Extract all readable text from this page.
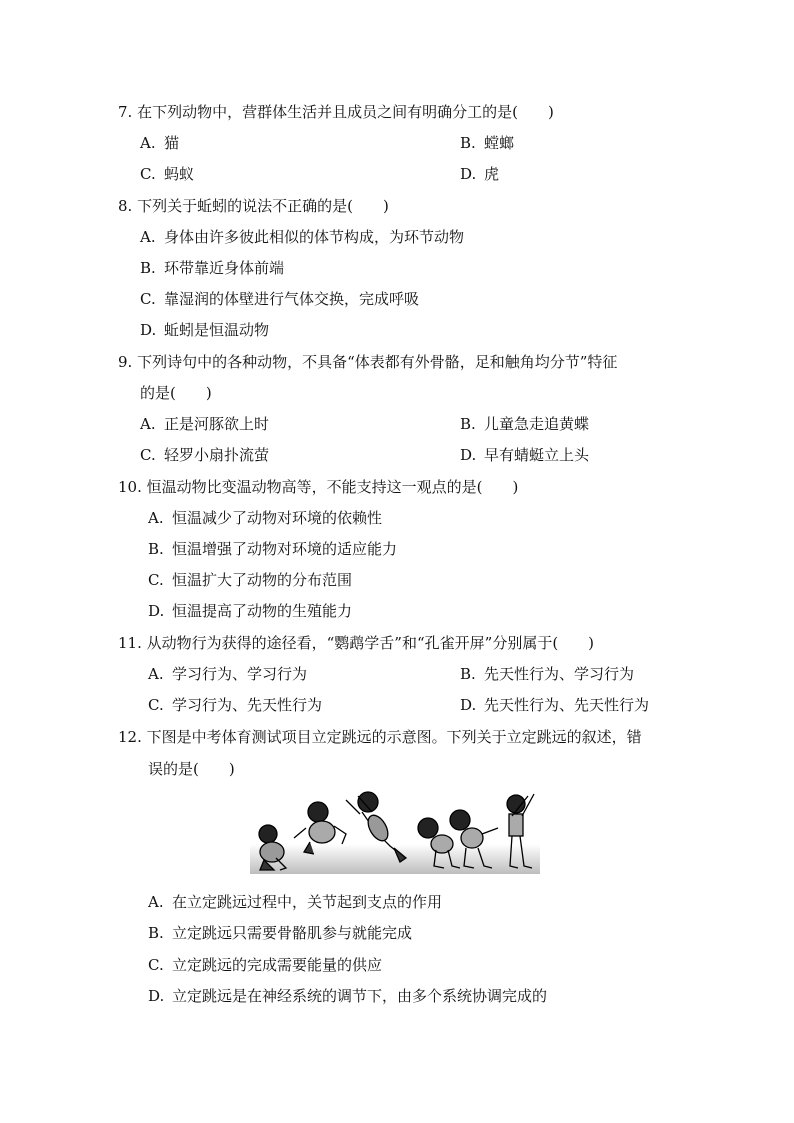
7. 在下列动物中，营群体生活并且成员之间有明确分工的是(　　)
A. 猫	B. 螳螂
C. 蚂蚁	D. 虎
8. 下列关于蚯蚓的说法不正确的是(　　)
A. 身体由许多彼此相似的体节构成，为环节动物
B. 环带靠近身体前端
C. 靠湿润的体壁进行气体交换，完成呼吸
D. 蚯蚓是恒温动物
9. 下列诗句中的各种动物，不具备“体表都有外骨骼，足和触角均分节”特征
的是(　　)
A. 正是河豚欲上时	B. 儿童急走追黄蝶
C. 轻罗小扇扑流萤	D. 早有蜻蜓立上头
10. 恒温动物比变温动物高等，不能支持这一观点的是(　　)
A. 恒温减少了动物对环境的依赖性
B. 恒温增强了动物对环境的适应能力
C. 恒温扩大了动物的分布范围
D. 恒温提高了动物的生殖能力
11. 从动物行为获得的途径看，“鹦鹉学舌”和“孔雀开屏”分别属于(　　)
A. 学习行为、学习行为	B. 先天性行为、学习行为
C. 学习行为、先天性行为	D. 先天性行为、先天性行为
12. 下图是中考体育测试项目立定跳远的示意图。下列关于立定跳远的叙述，错
误的是(　　)
A. 在立定跳远过程中，关节起到支点的作用
B. 立定跳远只需要骨骼肌参与就能完成
C. 立定跳远的完成需要能量的供应
D. 立定跳远是在神经系统的调节下，由多个系统协调完成的
